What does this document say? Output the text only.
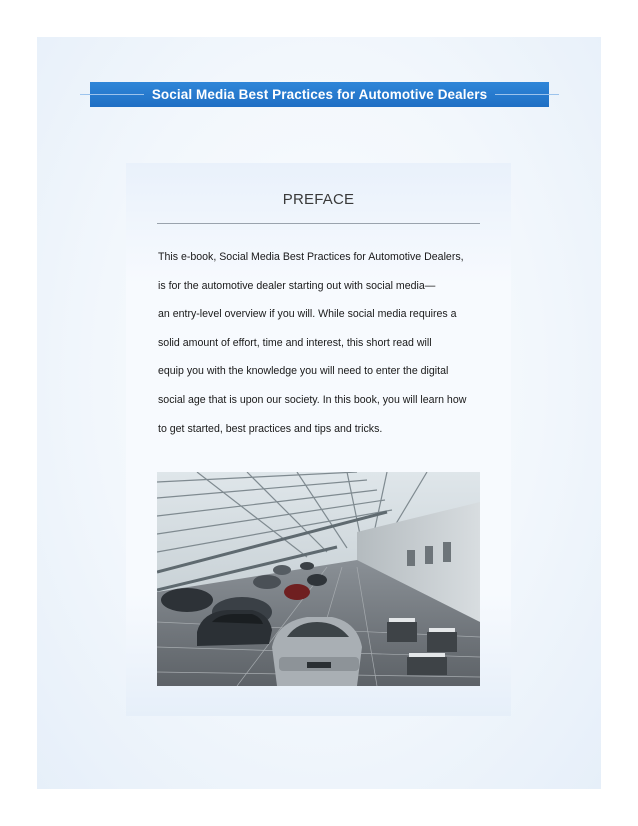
Social Media Best Practices for Automotive Dealers
PREFACE
This e-book, Social Media Best Practices for Automotive Dealers,
is for the automotive dealer starting out with social media—
an entry-level overview if you will. While social media requires a
solid amount of effort, time and interest, this short read will
equip you with the knowledge you will need to enter the digital
social age that is upon our society. In this book, you will learn how
to get started, best practices and tips and tricks.
